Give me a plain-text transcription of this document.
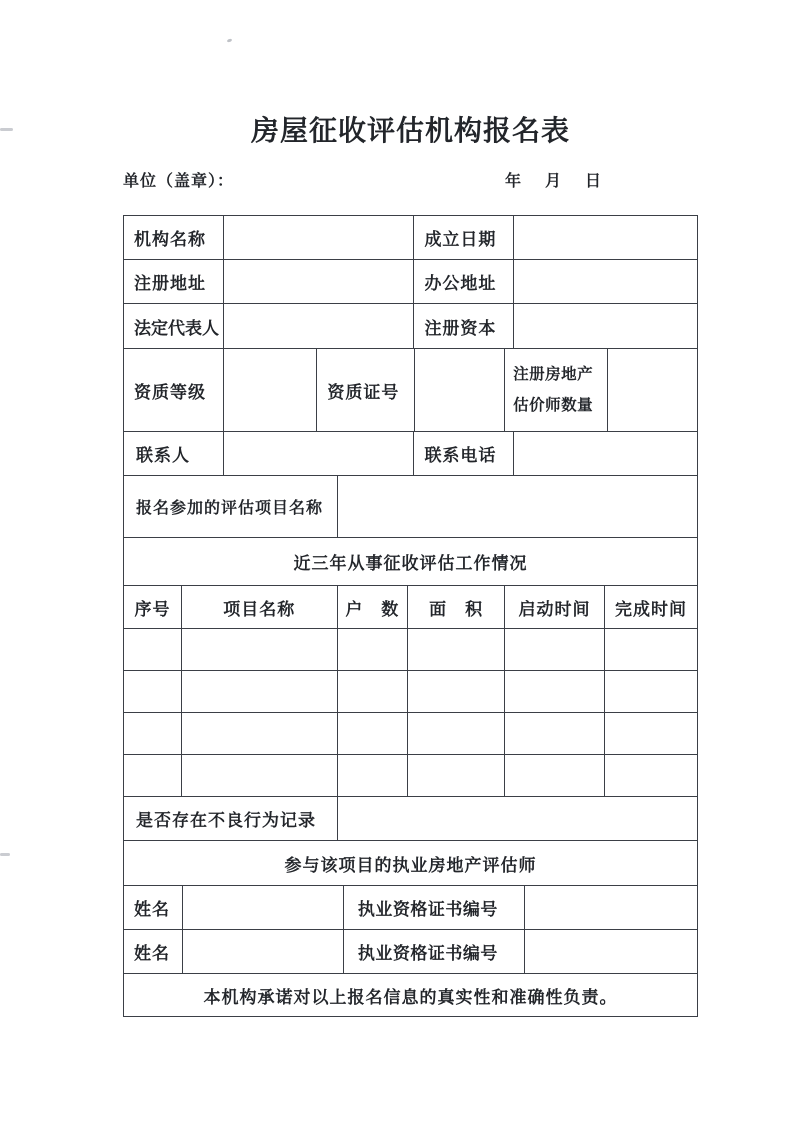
房屋征收评估机构报名表
单位（盖章）：	年　月　日
机构名称	成立日期
注册地址	办公地址
法定代表人	注册资本
资质等级	资质证号
注册房地产
估价师数量
联系人	联系电话
报名参加的评估项目名称
近三年从事征收评估工作情况
序号	项目名称	户　数	面　积	启动时间	完成时间
是否存在不良行为记录
参与该项目的执业房地产评估师
姓名	执业资格证书编号
姓名	执业资格证书编号
本机构承诺对以上报名信息的真实性和准确性负责。
